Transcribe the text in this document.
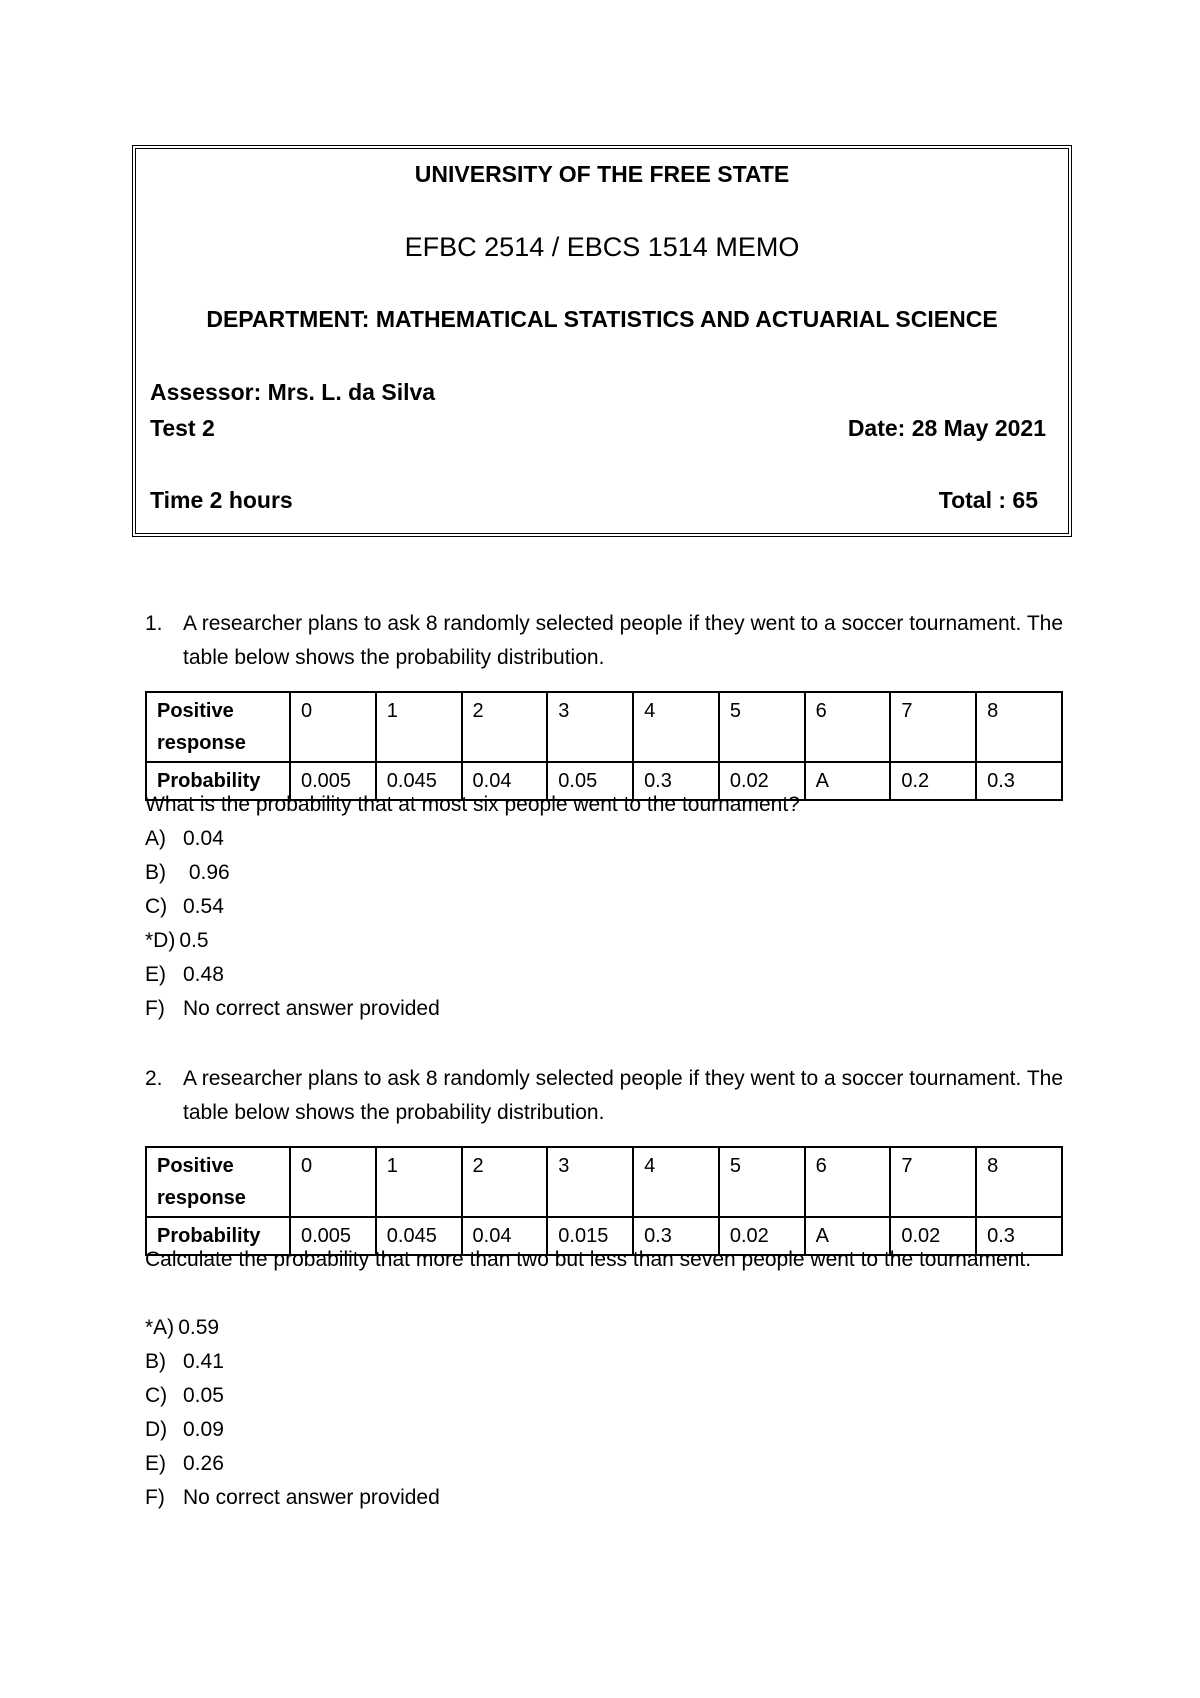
UNIVERSITY OF THE FREE STATE
EFBC 2514 / EBCS 1514 MEMO
DEPARTMENT: MATHEMATICAL STATISTICS AND ACTUARIAL SCIENCE
Assessor: Mrs. L. da Silva
Test 2	Date: 28 May 2021
Time 2 hours	Total : 65
1. A researcher plans to ask 8 randomly selected people if they went to a soccer tournament. The table below shows the probability distribution.
Positive response	0	1	2	3	4	5	6	7	8
Probability	0.005	0.045	0.04	0.05	0.3	0.02	A	0.2	0.3
What is the probability that at most six people went to the tournament?
A) 0.04
B) 0.96
C) 0.54
*D) 0.5
E) 0.48
F) No correct answer provided
2. A researcher plans to ask 8 randomly selected people if they went to a soccer tournament. The table below shows the probability distribution.
Positive response	0	1	2	3	4	5	6	7	8
Probability	0.005	0.045	0.04	0.015	0.3	0.02	A	0.02	0.3
Calculate the probability that more than two but less than seven people went to the tournament.
*A) 0.59
B) 0.41
C) 0.05
D) 0.09
E) 0.26
F) No correct answer provided
